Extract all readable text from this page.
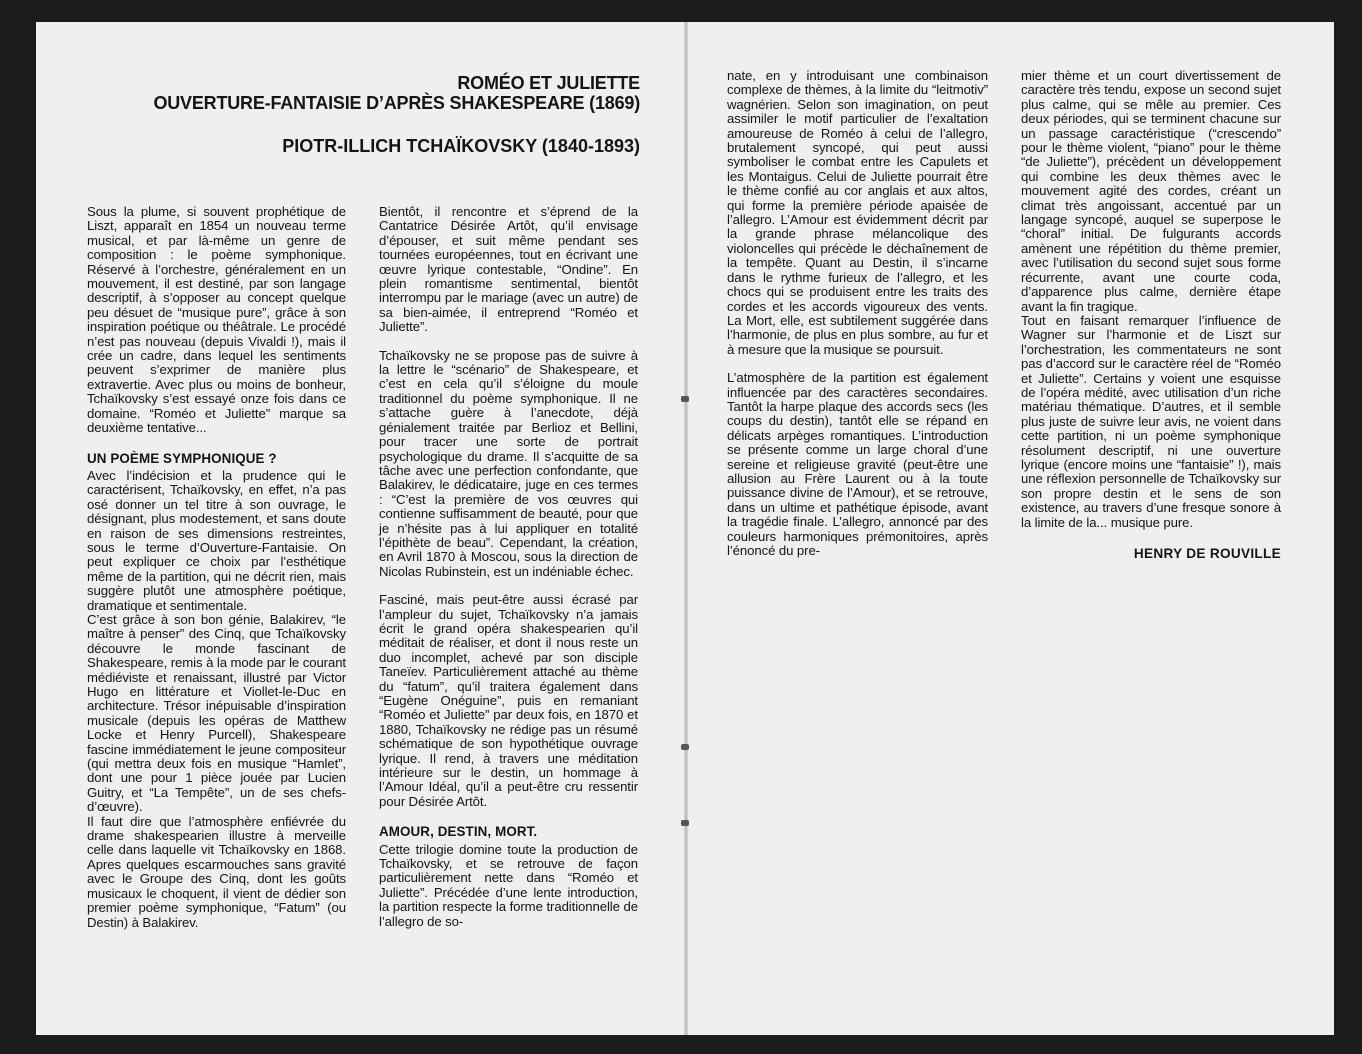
ROMÉO ET JULIETTE
OUVERTURE-FANTAISIE D’APRÈS SHAKESPEARE (1869)
PIOTR-ILLICH TCHAÏKOVSKY (1840-1893)

Sous la plume, si souvent prophétique de Liszt, apparaît en 1854 un nouveau terme musical, et par là-même un genre de composition : le poème symphonique. Réservé à l’orchestre, généralement en un mouvement, il est destiné, par son langage descriptif, à s’opposer au concept quelque peu désuet de “musique pure”, grâce à son inspiration poétique ou théâtrale. Le procédé n’est pas nouveau (depuis Vivaldi !), mais il crée un cadre, dans lequel les sentiments peuvent s’exprimer de manière plus extravertie. Avec plus ou moins de bonheur, Tchaïkovsky s’est essayé onze fois dans ce domaine. “Roméo et Juliette” marque sa deuxième tentative...

UN POÈME SYMPHONIQUE ?

Avec l’indécision et la prudence qui le caractérisent, Tchaïkovsky, en effet, n’a pas osé donner un tel titre à son ouvrage, le désignant, plus modestement, et sans doute en raison de ses dimensions restreintes, sous le terme d’Ouverture-Fantaisie. On peut expliquer ce choix par l’esthétique même de la partition, qui ne décrit rien, mais suggère plutôt une atmosphère poétique, dramatique et sentimentale.

C’est grâce à son bon génie, Balakirev, “le maître à penser” des Cinq, que Tchaïkovsky découvre le monde fascinant de Shakespeare, remis à la mode par le courant médiéviste et renaissant, illustré par Victor Hugo en littérature et Viollet-le-Duc en architecture. Trésor inépuisable d’inspiration musicale (depuis les opéras de Matthew Locke et Henry Purcell), Shakespeare fascine immédiatement le jeune compositeur (qui mettra deux fois en musique “Hamlet”, dont une pour 1 pièce jouée par Lucien Guitry, et “La Tempête”, un de ses chefs-d’œuvre).

Il faut dire que l’atmosphère enfiévrée du drame shakespearien illustre à merveille celle dans laquelle vit Tchaïkovsky en 1868. Apres quelques escarmouches sans gravité avec le Groupe des Cinq, dont les goûts musicaux le choquent, il vient de dédier son premier poème symphonique, “Fatum” (ou Destin) à Balakirev.

Bientôt, il rencontre et s’éprend de la Cantatrice Désirée Artôt, qu’il envisage d’épouser, et suit même pendant ses tournées européennes, tout en écrivant une œuvre lyrique contestable, “Ondine”. En plein romantisme sentimental, bientôt interrompu par le mariage (avec un autre) de sa bien-aimée, il entreprend “Roméo et Juliette”.

Tchaïkovsky ne se propose pas de suivre à la lettre le “scénario” de Shakespeare, et c’est en cela qu’il s’éloigne du moule traditionnel du poème symphonique. Il ne s’attache guère à l’anecdote, déjà génialement traitée par Berlioz et Bellini, pour tracer une sorte de portrait psychologique du drame. Il s’acquitte de sa tâche avec une perfection confondante, que Balakirev, le dédicataire, juge en ces termes : “C’est la première de vos œuvres qui contienne suffisamment de beauté, pour que je n’hésite pas à lui appliquer en totalité l’épithète de beau”. Cependant, la création, en Avril 1870 à Moscou, sous la direction de Nicolas Rubinstein, est un indéniable échec.

Fasciné, mais peut-être aussi écrasé par l’ampleur du sujet, Tchaïkovsky n’a jamais écrit le grand opéra shakespearien qu’il méditait de réaliser, et dont il nous reste un duo incomplet, achevé par son disciple Taneïev. Particulièrement attaché au thème du “fatum”, qu’il traitera également dans “Eugène Onéguine”, puis en remaniant “Roméo et Juliette” par deux fois, en 1870 et 1880, Tchaïkovsky ne rédige pas un résumé schématique de son hypothétique ouvrage lyrique. Il rend, à travers une méditation intérieure sur le destin, un hommage à l’Amour Idéal, qu’il a peut-être cru ressentir pour Désirée Artôt.

AMOUR, DESTIN, MORT.

Cette trilogie domine toute la production de Tchaïkovsky, et se retrouve de façon particulièrement nette dans “Roméo et Juliette”. Précédée d’une lente introduction, la partition respecte la forme traditionnelle de l’allegro de so-

nate, en y introduisant une combinaison complexe de thèmes, à la limite du “leitmotiv” wagnérien. Selon son imagination, on peut assimiler le motif particulier de l’exaltation amoureuse de Roméo à celui de l’allegro, brutalement syncopé, qui peut aussi symboliser le combat entre les Capulets et les Montaigus. Celui de Juliette pourrait être le thème confié au cor anglais et aux altos, qui forme la première période apaisée de l’allegro. L’Amour est évidemment décrit par la grande phrase mélancolique des violoncelles qui précède le déchaînement de la tempête. Quant au Destin, il s’incarne dans le rythme furieux de l’allegro, et les chocs qui se produisent entre les traits des cordes et les accords vigoureux des vents. La Mort, elle, est subtilement suggérée dans l’harmonie, de plus en plus sombre, au fur et à mesure que la musique se poursuit.

L’atmosphère de la partition est également influencée par des caractères secondaires. Tantôt la harpe plaque des accords secs (les coups du destin), tantôt elle se répand en délicats arpèges romantiques. L’introduction se présente comme un large choral d’une sereine et religieuse gravité (peut-être une allusion au Frère Laurent ou à la toute puissance divine de l’Amour), et se retrouve, dans un ultime et pathétique épisode, avant la tragédie finale. L’allegro, annoncé par des couleurs harmoniques prémonitoires, après l’énoncé du pre-

mier thème et un court divertissement de caractère très tendu, expose un second sujet plus calme, qui se mêle au premier. Ces deux périodes, qui se terminent chacune sur un passage caractéristique (“crescendo” pour le thème violent, “piano” pour le thème “de Juliette”), précèdent un développement qui combine les deux thèmes avec le mouvement agité des cordes, créant un climat très angoissant, accentué par un langage syncopé, auquel se superpose le “choral” initial. De fulgurants accords amènent une répétition du thème premier, avec l’utilisation du second sujet sous forme récurrente, avant une courte coda, d’apparence plus calme, dernière étape avant la fin tragique.

Tout en faisant remarquer l’influence de Wagner sur l’harmonie et de Liszt sur l’orchestration, les commentateurs ne sont pas d’accord sur le caractère réel de “Roméo et Juliette”. Certains y voient une esquisse de l’opéra médité, avec utilisation d’un riche matériau thématique. D’autres, et il semble plus juste de suivre leur avis, ne voient dans cette partition, ni un poème symphonique résolument descriptif, ni une ouverture lyrique (encore moins une “fantaisie” !), mais une réflexion personnelle de Tchaïkovsky sur son propre destin et le sens de son existence, au travers d’une fresque sonore à la limite de la... musique pure.

HENRY DE ROUVILLE
